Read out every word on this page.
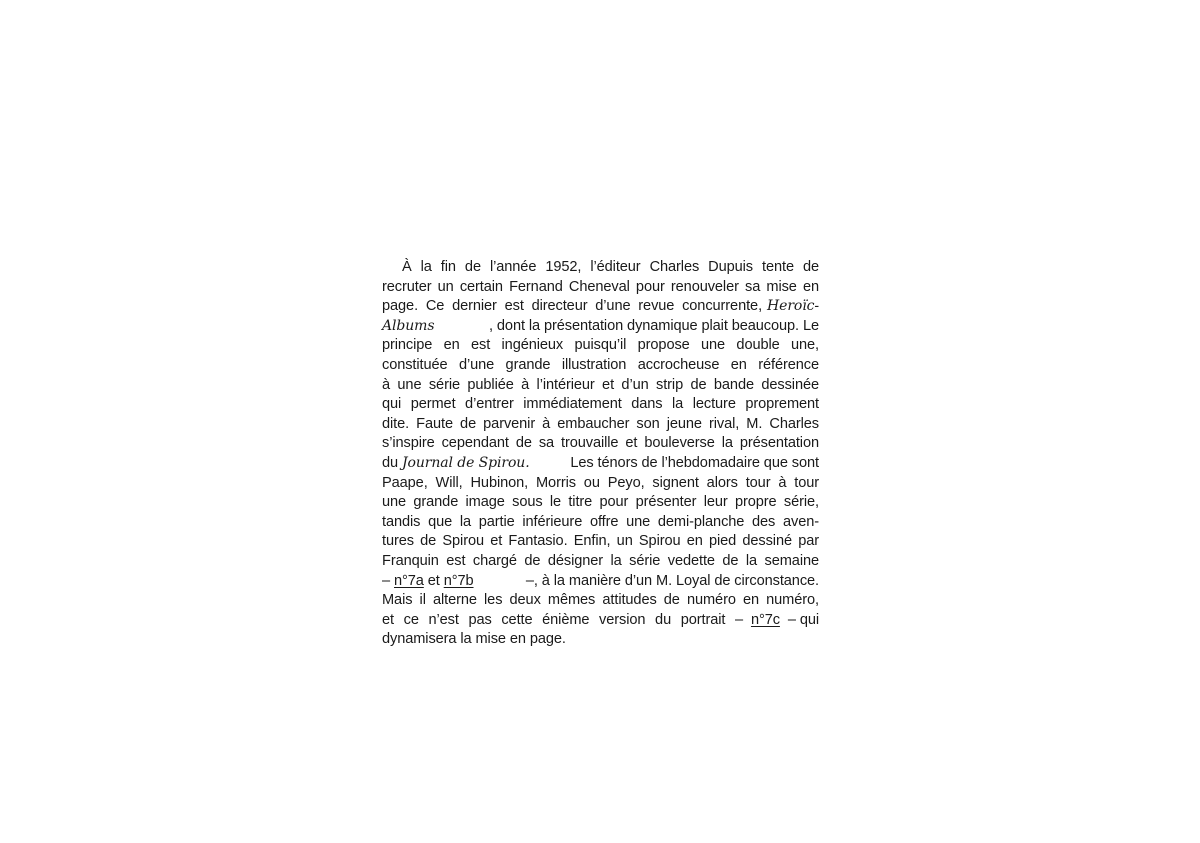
À la fin de l’année 1952, l’éditeur Charles Dupuis tente de
recruter un certain Fernand Cheneval pour renouveler sa mise en
page. Ce dernier est directeur d’une revue concurrente, Heroïc-
Albums	, dont la présentation dynamique plait beaucoup. Le
principe en est ingénieux puisqu’il propose une double une,
constituée d’une grande illustration accrocheuse en référence
à une série publiée à l’intérieur et d’un strip de bande dessinée
qui permet d’entrer immédiatement dans la lecture proprement
dite. Faute de parvenir à embaucher son jeune rival, M. Charles
s’inspire cependant de sa trouvaille et bouleverse la présentation
du
Journal de Spirou.
	Les ténors de l’hebdomadaire que sont
Paape, Will, Hubinon, Morris ou Peyo, signent alors tour à tour
une grande image sous le titre pour présenter leur propre série,
tandis que la partie inférieure offre une demi-planche des aven-
tures de Spirou et Fantasio. Enfin, un Spirou en pied dessiné par
Franquin est chargé de désigner la série vedette de la semaine
–
n°7a
et
n°7b
	–, à la manière d’un M. Loyal de circonstance.
Mais il alterne les deux mêmes attitudes de numéro en numéro,
et ce n’est pas cette énième version du portrait –
n°7c
– qui
dynamisera la mise en page.
